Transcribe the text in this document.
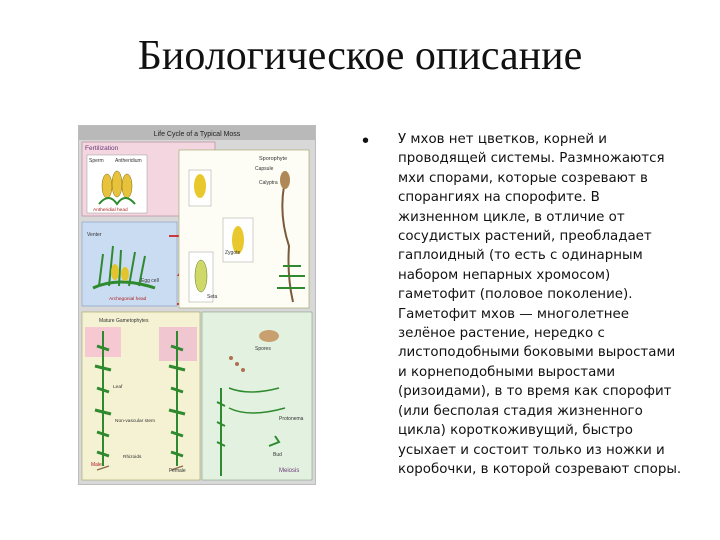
Биологическое описание
Life Cycle of a Typical Moss
Fertilization
Sperm Antheridium
Antheridial head
Venter
Egg cell
Archegonial head
Sporophyte
Capsule
Calyptra
Zygote
Seta
Mature Gametophytes
Leaf
Non-vascular stem
Rhizoids
Male
Female
Spores
Protonema
Bud
Meiosis
• У мхов нет цветков, корней и проводящей системы. Размножаются мхи спорами, которые созревают в спорангиях на спорофите. В жизненном цикле, в отличие от сосудистых растений, преобладает гаплоидный (то есть с одинарным набором непарных хромосом) гаметофит (половое поколение). Гаметофит мхов — многолетнее зелёное растение, нередко с листоподобными боковыми выростами и корнеподобными выростами (ризоидами), в то время как спорофит (или бесполая стадия жизненного цикла) короткоживущий, быстро усыхает и состоит только из ножки и коробочки, в которой созревают споры.
